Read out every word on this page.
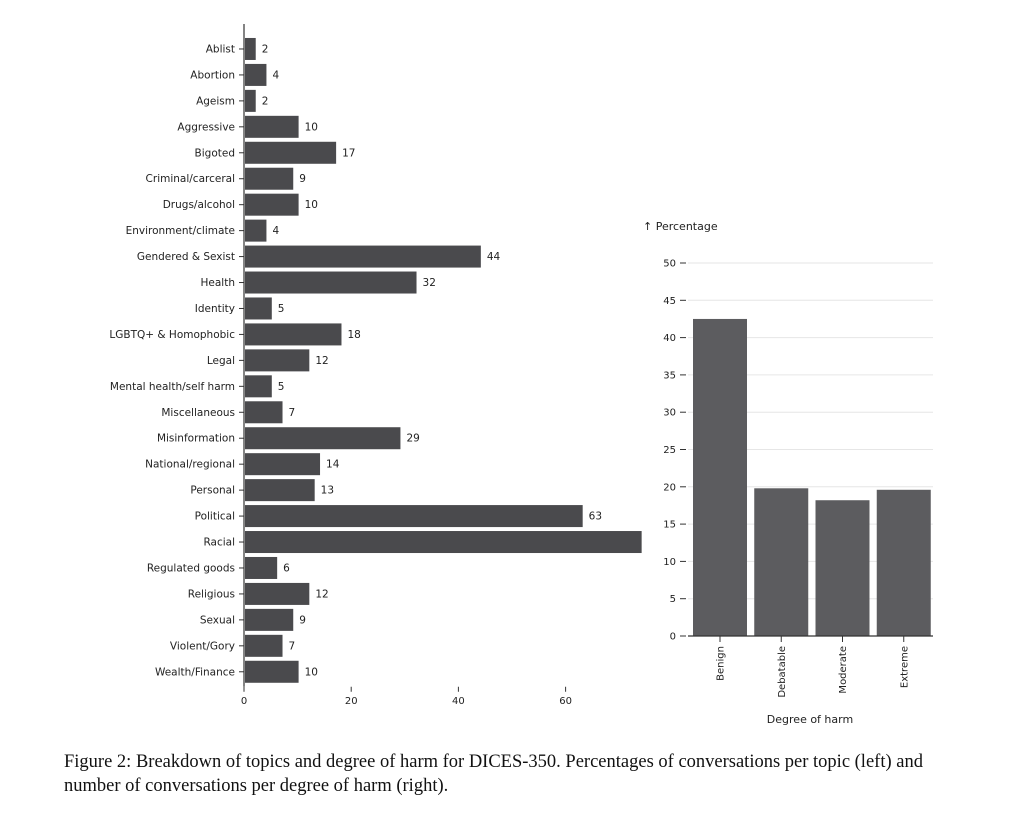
Ablist	2
Abortion	4
Ageism	2
Aggressive	10
Bigoted	17
Criminal/carceral	9
Drugs/alcohol	10
Environment/climate	4
Gendered & Sexist	44
Health	32
Identity	5
LGBTQ+ & Homophobic	18
Legal	12
Mental health/self harm	5
Miscellaneous	7
Misinformation	29
National/regional	14
Personal	13
Political	63
Racial
Regulated goods	6
Religious	12
Sexual	9
Violent/Gory	7
Wealth/Finance	10
0	20	40	60
0
5
10
15
20
25
30
35
40
45
50
↑ Percentage
Benign	Debatable	Moderate	Extreme
Degree of harm
Figure 2: Breakdown of topics and degree of harm for DICES-350. Percentages of conversations per topic (left) and number of conversations per degree of harm (right).
